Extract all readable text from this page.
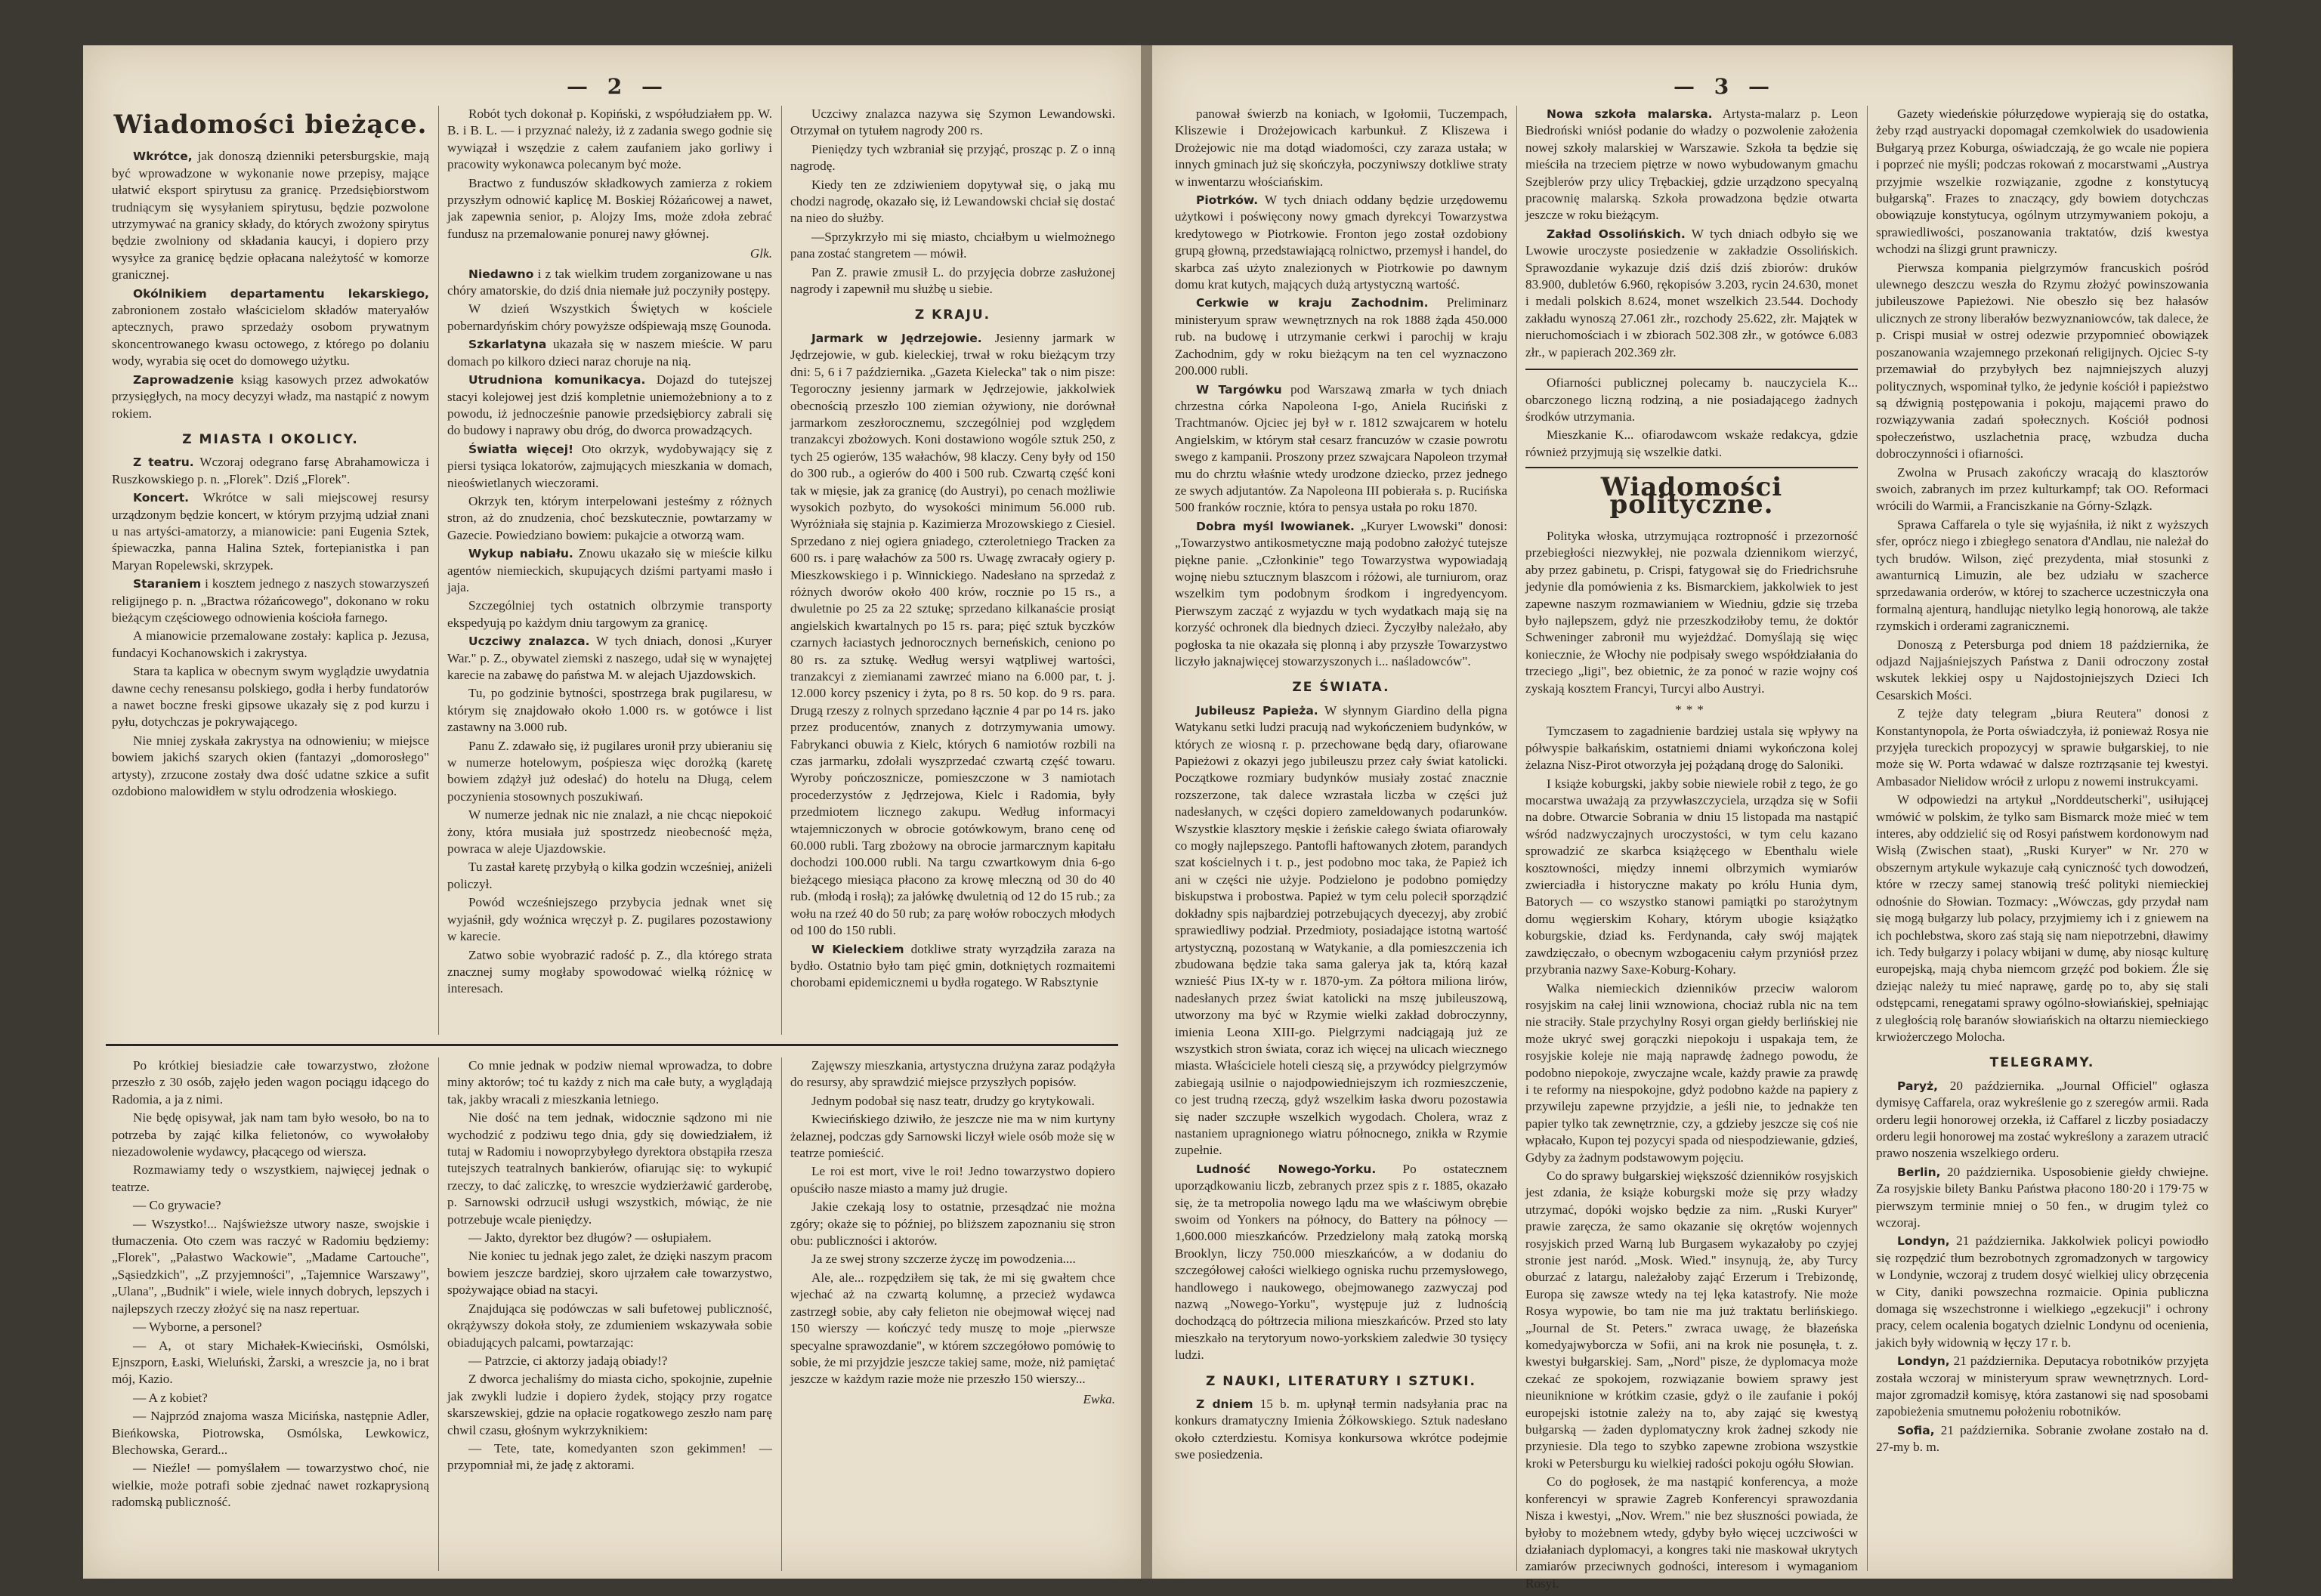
— 2 —
Wiadomości bieżące.

Wkrótce, jak donoszą dzienniki petersburgskie, mają być wprowadzone w wykonanie nowe przepisy, mające ułatwić eksport spirytusu za granicę. Przedsiębiorstwom trudniącym się wysyłaniem spirytusu, będzie pozwolone utrzymywać na granicy składy, do których zwożony spirytus będzie zwolniony od składania kaucyi, i dopiero przy wysyłce za granicę będzie opłacana należytość w komorze granicznej.

Okólnikiem departamentu lekarskiego, zabronionem zostało właścicielom składów materyałów aptecznych, prawo sprzedaży osobom prywatnym skoncentrowanego kwasu octowego, z którego po dolaniu wody, wyrabia się ocet do domowego użytku.

Zaprowadzenie ksiąg kasowych przez adwokatów przysięgłych, na mocy decyzyi władz, ma nastąpić z nowym rokiem.

Z MIASTA I OKOLICY.

Z teatru. Wczoraj odegrano farsę Abrahamowicza i Ruszkowskiego p. n. „Florek". Dziś „Florek".

Koncert. Wkrótce w sali miejscowej resursy urządzonym będzie koncert, w którym przyjmą udział znani u nas artyści-amatorzy, a mianowicie: pani Eugenia Sztek, śpiewaczka, panna Halina Sztek, fortepianistka i pan Maryan Ropelewski, skrzypek.

Staraniem i kosztem jednego z naszych stowarzyszeń religijnego p. n. „Bractwa różańcowego", dokonano w roku bieżącym częściowego odnowienia kościoła farnego.

A mianowicie przemalowane zostały: kaplica p. Jezusa, fundacyi Kochanowskich i zakrystya.

Stara ta kaplica w obecnym swym wyglądzie uwydatnia dawne cechy renesansu polskiego, godła i herby fundatorów a nawet boczne freski gipsowe ukazały się z pod kurzu i pyłu, dotychczas je pokrywającego.

Nie mniej zyskała zakrystya na odnowieniu; w miejsce bowiem jakichś szarych okien (fantazyi „domorosłego" artysty), zrzucone zostały dwa dość udatne szkice a sufit ozdobiono malowidłem w stylu odrodzenia włoskiego.

Robót tych dokonał p. Kopiński, z współudziałem pp. W. B. i B. L. — i przyznać należy, iż z zadania swego godnie się wywiązał i wszędzie z całem zaufaniem jako gorliwy i pracowity wykonawca polecanym być może.

Bractwo z funduszów składkowych zamierza z rokiem przyszłym odnowić kaplicę M. Boskiej Różańcowej a nawet, jak zapewnia senior, p. Alojzy Ims, może zdoła zebrać fundusz na przemalowanie ponurej nawy głównej.

Glk.

Niedawno i z tak wielkim trudem zorganizowane u nas chóry amatorskie, do dziś dnia niemałe już poczyniły postępy.

W dzień Wszystkich Świętych w kościele pobernardyńskim chóry powyższe odśpiewają mszę Gounoda.

Szkarlatyna ukazała się w naszem mieście. W paru domach po kilkoro dzieci naraz choruje na nią.

Utrudniona komunikacya. Dojazd do tutejszej stacyi kolejowej jest dziś kompletnie uniemożebniony a to z powodu, iż jednocześnie panowie przedsiębiorcy zabrali się do budowy i naprawy obu dróg, do dworca prowadzących.

Światła więcej! Oto okrzyk, wydobywający się z piersi tysiąca lokatorów, zajmujących mieszkania w domach, nieoświetlanych wieczorami.

Okrzyk ten, którym interpelowani jesteśmy z różnych stron, aż do znudzenia, choć bezskutecznie, powtarzamy w Gazecie. Powiedziano bowiem: pukajcie a otworzą wam.

Wykup nabiału. Znowu ukazało się w mieście kilku agentów niemieckich, skupujących dziśmi partyami masło i jaja.

Szczególniej tych ostatnich olbrzymie transporty ekspedyują po każdym dniu targowym za granicę.

Uczciwy znalazca. W tych dniach, donosi „Kuryer War." p. Z., obywatel ziemski z naszego, udał się w wynajętej karecie na zabawę do państwa M. w alejach Ujazdowskich.

Tu, po godzinie bytności, spostrzega brak pugilaresu, w którym się znajdowało około 1.000 rs. w gotówce i list zastawny na 3.000 rub.

Panu Z. zdawało się, iż pugilares uronił przy ubieraniu się w numerze hotelowym, pośpiesza więc dorożką (karetę bowiem zdążył już odesłać) do hotelu na Długą, celem poczynienia stosownych poszukiwań.

W numerze jednak nic nie znalazł, a nie chcąc niepokoić żony, która musiała już spostrzedz nieobecność męża, powraca w aleje Ujazdowskie.

Tu zastał karetę przybyłą o kilka godzin wcześniej, aniżeli policzył.

Powód wcześniejszego przybycia jednak wnet się wyjaśnił, gdy woźnica wręczył p. Z. pugilares pozostawiony w karecie.

Zatwo sobie wyobrazić radość p. Z., dla którego strata znacznej sumy mogłaby spowodować wielką różnicę w interesach.

Uczciwy znalazca nazywa się Szymon Lewandowski. Otrzymał on tytułem nagrody 200 rs.

Pieniędzy tych wzbraniał się przyjąć, prosząc p. Z o inną nagrodę.

Kiedy ten ze zdziwieniem dopytywał się, o jaką mu chodzi nagrodę, okazało się, iż Lewandowski chciał się dostać na nieo do służby.

—Sprzykrzyło mi się miasto, chciałbym u wielmożnego pana zostać stangretem — mówił.

Pan Z. prawie zmusił L. do przyjęcia dobrze zasłużonej nagrody i zapewnił mu służbę u siebie.

Z KRAJU.

Jarmark w Jędrzejowie. Jesienny jarmark w Jędrzejowie, w gub. kieleckiej, trwał w roku bieżącym trzy dni: 5, 6 i 7 października. „Gazeta Kielecka" tak o nim pisze: Tegoroczny jesienny jarmark w Jędrzejowie, jakkolwiek obecnością przeszło 100 ziemian ożywiony, nie dorównał jarmarkom zeszłorocznemu, szczególniej pod względem tranzakcyi zbożowych. Koni dostawiono wogóle sztuk 250, z tych 25 ogierów, 135 wałachów, 98 klaczy. Ceny były od 150 do 300 rub., a ogierów do 400 i 500 rub. Czwartą część koni tak w mięsie, jak za granicę (do Austryi), po cenach możliwie wysokich pozbyto, do wysokości minimum 56.000 rub. Wyróżniała się stajnia p. Kazimierza Mrozowskiego z Ciesiel. Sprzedano z niej ogiera gniadego, czteroletniego Tracken za 600 rs. i parę wałachów za 500 rs. Uwagę zwracały ogiery p. Mieszkowskiego i p. Winnickiego. Nadesłano na sprzedaż z różnych dworów około 400 krów, rocznie po 15 rs., a dwuletnie po 25 za 22 sztukę; sprzedano kilkanaście prosiąt angielskich kwartalnych po 15 rs. para; pięć sztuk byczków czarnych łaciastych jednorocznych berneńskich, ceniono po 80 rs. za sztukę. Według wersyi wątpliwej wartości, tranzakcyi z ziemianami zawrzeć miano na 6.000 par, t. j. 12.000 korcy pszenicy i żyta, po 8 rs. 50 kop. do 9 rs. para. Drugą rzeszy z rolnych sprzedano łącznie 4 par po 14 rs. jako przez producentów, znanych z dotrzymywania umowy. Fabrykanci obuwia z Kielc, których 6 namiotów rozbili na czas jarmarku, zdołali wyszprzedać czwartą część towaru. Wyroby pończosznicze, pomieszczone w 3 namiotach procederzystów z Jędrzejowa, Kielc i Radomia, były przedmiotem licznego zakupu. Według informacyi wtajemniczonych w obrocie gotówkowym, brano cenę od 60.000 rubli. Targ zbożowy na obrocie jarmarcznym kapitału dochodzi 100.000 rubli. Na targu czwartkowym dnia 6-go bieżącego miesiąca płacono za krowę mleczną od 30 do 40 rub. (młodą i rosłą); za jałówkę dwuletnią od 12 do 15 rub.; za wołu na rzeź 40 do 50 rub; za parę wołów roboczych młodych od 100 do 150 rubli.

W Kieleckiem dotkliwe straty wyrządziła zaraza na bydło. Ostatnio było tam pięć gmin, dotkniętych rozmaitemi chorobami epidemicznemi u bydła rogatego. W Rabsztynie

Po krótkiej biesiadzie całe towarzystwo, złożone przeszło z 30 osób, zajęło jeden wagon pociągu idącego do Radomia, a ja z nimi.

Nie będę opisywał, jak nam tam było wesoło, bo na to potrzeba by zająć kilka felietonów, co wywołałoby niezadowolenie wydawcy, płacącego od wiersza.

Rozmawiamy tedy o wszystkiem, najwięcej jednak o teatrze.

— Co grywacie?

— Wszystko!... Najświeższe utwory nasze, swojskie i tłumaczenia. Oto czem was raczyć w Radomiu będziemy: „Florek", „Pałastwo Wackowie", „Madame Cartouche", „Sąsiedzkich", „Z przyjemności", „Tajemnice Warszawy", „Ulana", „Budnik" i wiele, wiele innych dobrych, lepszych i najlepszych rzeczy złożyć się na nasz repertuar.

— Wyborne, a personel?

— A, ot stary Michałek-Kwieciński, Osmólski, Ejnszporn, Łaski, Wieluński, Żarski, a wreszcie ja, no i brat mój, Kazio.

— A z kobiet?

— Najprzód znajoma wasza Micińska, następnie Adler, Bieńkowska, Piotrowska, Osmólska, Lewkowicz, Blechowska, Gerard...

— Nieźle! — pomyślałem — towarzystwo choć, nie wielkie, może potrafi sobie zjednać nawet rozkaprysioną radomską publiczność.

Co mnie jednak w podziw niemal wprowadza, to dobre miny aktorów; toć tu każdy z nich ma całe buty, a wyglądają tak, jakby wracali z mieszkania letniego.

Nie dość na tem jednak, widocznie sądzono mi nie wychodzić z podziwu tego dnia, gdy się dowiedziałem, iż tutaj w Radomiu i nowoprzybyłego dyrektora obstąpiła rzesza tutejszych teatralnych bankierów, ofiarując się: to wykupić rzeczy, to dać zaliczkę, to wreszcie wydzierżawić garderobę, p. Sarnowski odrzucił usługi wszystkich, mówiąc, że nie potrzebuje wcale pieniędzy.

— Jakto, dyrektor bez długów? — osłupiałem.

Nie koniec tu jednak jego zalet, że dzięki naszym pracom bowiem jeszcze bardziej, skoro ujrzałem całe towarzystwo, spożywające obiad na stacyi.

Znajdująca się podówczas w sali bufetowej publiczność, okrążywszy dokoła stoły, ze zdumieniem wskazywała sobie obiadujących palcami, powtarzając:

— Patrzcie, ci aktorzy jadają obiady!?

Z dworca jechaliśmy do miasta cicho, spokojnie, zupełnie jak zwykli ludzie i dopiero żydek, stojący przy rogatce skarszewskiej, gdzie na opłacie rogatkowego zeszło nam parę chwil czasu, głośnym wykrzyknikiem:

— Tete, tate, komedyanten szon gekimmen! — przypomniał mi, że jadę z aktorami.

Zajęwszy mieszkania, artystyczna drużyna zaraz podążyła do resursy, aby sprawdzić miejsce przyszłych popisów.

Jednym podobał się nasz teatr, drudzy go krytykowali.

Kwiecińskiego dziwiło, że jeszcze nie ma w nim kurtyny żelaznej, podczas gdy Sarnowski liczył wiele osób może się w teatrze pomieścić.

Le roi est mort, vive le roi! Jedno towarzystwo dopiero opuściło nasze miasto a mamy już drugie.

Jakie czekają losy to ostatnie, przesądzać nie można zgóry; okaże się to później, po bliższem zapoznaniu się stron obu: publiczności i aktorów.

Ja ze swej strony szczerze życzę im powodzenia....

Ale, ale... rozpędziłem się tak, że mi się gwałtem chce wjechać aż na czwartą kolumnę, a przecież wydawca zastrzegł sobie, aby cały felieton nie obejmował więcej nad 150 wierszy — kończyć tedy muszę to moje „pierwsze specyalne sprawozdanie", w którem szczegółowo pomówię to sobie, że mi przyjdzie jeszcze takiej same, może, niż pamiętać jeszcze w każdym razie może nie przeszło 150 wierszy...

Ewka.
— 3 —

panował świerzb na koniach, w Igołomii, Tuczempach, Kliszewie i Drożejowicach karbunkuł. Z Kliszewa i Drożejowic nie ma dotąd wiadomości, czy zaraza ustała; w innych gminach już się skończyła, poczyniwszy dotkliwe straty w inwentarzu włościańskim.

Piotrków. W tych dniach oddany będzie urzędowemu użytkowi i poświęcony nowy gmach dyrekcyi Towarzystwa kredytowego w Piotrkowie. Fronton jego został ozdobiony grupą głowną, przedstawiającą rolnictwo, przemysł i handel, do skarbca zaś użyto znalezionych w Piotrkowie po dawnym domu krat kutych, mających dużą artystyczną wartość.

Cerkwie w kraju Zachodnim. Preliminarz ministeryum spraw wewnętrznych na rok 1888 żąda 450.000 rub. na budowę i utrzymanie cerkwi i parochij w kraju Zachodnim, gdy w roku bieżącym na ten cel wyznaczono 200.000 rubli.

W Targówku pod Warszawą zmarła w tych dniach chrzestna córka Napoleona I-go, Aniela Ruciński z Trachtmanów. Ojciec jej był w r. 1812 szwajcarem w hotelu Angielskim, w którym stał cesarz francuzów w czasie powrotu swego z kampanii. Proszony przez szwajcara Napoleon trzymał mu do chrztu właśnie wtedy urodzone dziecko, przez jednego ze swych adjutantów. Za Napoleona III pobierała s. p. Rucińska 500 franków rocznie, która to pensya ustała po roku 1870.

Dobra myśl lwowianek. „Kuryer Lwowski" donosi: „Towarzystwo antikosmetyczne mają podobno założyć tutejsze piękne panie. „Członkinie" tego Towarzystwa wypowiadają wojnę niebu sztucznym blaszcom i różowi, ale turniurom, oraz wszelkim tym podobnym środkom i ingredyencyom. Pierwszym zacząć z wyjazdu w tych wydatkach mają się na korzyść ochronek dla biednych dzieci. Życzyłby należało, aby pogłoska ta nie okazała się plonną i aby przyszłe Towarzystwo liczyło jaknajwięcej stowarzyszonych i... naśladowców".

ZE ŚWIATA.

Jubileusz Papieża. W słynnym Giardino della pigna Watykanu setki ludzi pracują nad wykończeniem budynków, w których ze wiosną r. p. przechowane będą dary, ofiarowane Papieżowi z okazyi jego jubileuszu przez cały świat katolicki. Początkowe rozmiary budynków musiały zostać znacznie rozszerzone, tak dalece wzrastała liczba w części już nadesłanych, w części dopiero zameldowanych podarunków. Wszystkie klasztory męskie i żeńskie całego świata ofiarowały co mogły najlepszego. Pantofli haftowanych złotem, parandych szat kościelnych i t. p., jest podobno moc taka, że Papież ich ani w części nie użyje. Podzielono je podobno pomiędzy biskupstwa i probostwa. Papież w tym celu polecił sporządzić dokładny spis najbardziej potrzebujących dyecezyj, aby zrobić sprawiedliwy podział. Przedmioty, posiadające istotną wartość artystyczną, pozostaną w Watykanie, a dla pomieszczenia ich zbudowana będzie taka sama galerya jak ta, którą kazał wznieść Pius IX-ty w r. 1870-ym. Za półtora miliona lirów, nadesłanych przez świat katolicki na mszę jubileuszową, utworzony ma być w Rzymie wielki zakład dobroczynny, imienia Leona XIII-go. Pielgrzymi nadciągają już ze wszystkich stron świata, coraz ich więcej na ulicach wiecznego miasta. Właściciele hoteli cieszą się, a przywódcy pielgrzymów zabiegają usilnie o najodpowiedniejszym ich rozmieszczenie, co jest trudną rzeczą, gdyż wszelkim łaska dworu pozostawia się nader szczupłe wszelkich wygodach. Cholera, wraz z nastaniem upragnionego wiatru północnego, znikła w Rzymie zupełnie.

Ludność Nowego-Yorku. Po ostatecznem uporządkowaniu liczb, zebranych przez spis z r. 1885, okazało się, że ta metropolia nowego lądu ma we właściwym obrębie swoim od Yonkers na północy, do Battery na północy — 1,600.000 mieszkańców. Przedzielony małą zatoką morską Brooklyn, liczy 750.000 mieszkańców, a w dodaniu do szczegółowej całości wielkiego ogniska ruchu przemysłowego, handlowego i naukowego, obejmowanego zazwyczaj pod nazwą „Nowego-Yorku", występuje już z ludnością dochodzącą do półtrzecia miliona mieszkańców. Przed sto laty mieszkało na terytoryum nowo-yorkskiem zaledwie 30 tysięcy ludzi.

Z NAUKI, LITERATURY I SZTUKI.

Z dniem 15 b. m. upłynął termin nadsyłania prac na konkurs dramatyczny Imienia Żółkowskiego. Sztuk nadesłano około czterdziestu. Komisya konkursowa wkrótce podejmie swe posiedzenia.

Nowa szkoła malarska. Artysta-malarz p. Leon Biedroński wniósł podanie do władzy o pozwolenie założenia nowej szkoły malarskiej w Warszawie. Szkoła ta będzie się mieściła na trzeciem piętrze w nowo wybudowanym gmachu Szejblerów przy ulicy Trębackiej, gdzie urządzono specyalną pracownię malarską. Szkoła prowadzona będzie otwarta jeszcze w roku bieżącym.

Zakład Ossolińskich. W tych dniach odbyło się we Lwowie uroczyste posiedzenie w zakładzie Ossolińskich. Sprawozdanie wykazuje dziś dziś dziś zbiorów: druków 83.900, dubletów 6.960, rękopisów 3.203, rycin 24.630, monet i medali polskich 8.624, monet wszelkich 23.544. Dochody zakładu wynoszą 27.061 złr., rozchody 25.622, złr. Majątek w nieruchomościach i w zbiorach 502.308 złr., w gotówce 6.083 złr., w papierach 202.369 złr.

Ofiarności publicznej polecamy b. nauczyciela K... obarczonego liczną rodziną, a nie posiadającego żadnych środków utrzymania.

Mieszkanie K... ofiarodawcom wskaże redakcya, gdzie również przyjmują się wszelkie datki.

Wiadomości polityczne.

Polityka włoska, utrzymująca roztropność i przezorność przebiegłości niezwykłej, nie pozwala dziennikom wierzyć, aby przez gabinetu, p. Crispi, fatygował się do Friedrichsruhe jedynie dla pomówienia z ks. Bismarckiem, jakkolwiek to jest zapewne naszym rozmawianiem w Wiedniu, gdzie się trzeba było najlepszem, gdyż nie przeszkodziłoby temu, że doktór Schweninger zabronił mu wyjeżdżać. Domyślają się więc koniecznie, że Włochy nie podpisały swego współdziałania do trzeciego „ligi", bez obietnic, że za ponoć w razie wojny coś zyskają kosztem Francyi, Turcyi albo Austryi.

***

Tymczasem to zagadnienie bardziej ustala się wpływy na półwyspie bałkańskim, ostatniemi dniami wykończona kolej żelazna Nisz-Pirot otworzyła jej pożądaną drogę do Saloniki.

I książe koburgski, jakby sobie niewiele robił z tego, że go mocarstwa uważają za przywłaszczyciela, urządza się w Sofii na dobre. Otwarcie Sobrania w dniu 15 listopada ma nastąpić wśród nadzwyczajnych uroczystości, w tym celu kazano sprowadzić ze skarbca książęcego w Ebenthalu wiele kosztowności, między innemi olbrzymich wymiarów zwierciadła i historyczne makaty po królu Hunia dym, Batorych — co wszystko stanowi pamiątki po starożytnym domu węgierskim Kohary, którym ubogie książątko koburgskie, dziad ks. Ferdynanda, cały swój majątek zawdzięczało, o obecnym wzbogaceniu całym przyniósł przez przybrania nazwy Saxe-Koburg-Kohary.

Walka niemieckich dzienników przeciw walorom rosyjskim na całej linii wznowiona, chociaż rubla nic na tem nie straciły. Stale przychylny Rosyi organ giełdy berlińskiej nie może ukryć swej gorączki niepokoju i uspakaja tem, że rosyjskie koleje nie mają naprawdę żadnego powodu, że podobno niepokoje, zwyczajne wcale, każdy prawie za prawdę i te reformy na niespokojne, gdyż podobno każde na papiery z przywileju zapewne przyjdzie, a jeśli nie, to jednakże ten papier tylko tak zewnętrznie, czy, a gdzieby jeszcze się coś nie wpłacało, Kupon tej pozycyi spada od niespodziewanie, gdzieś, Gdyby za żadnym podstawowym pojęciu.

Co do sprawy bułgarskiej większość dzienników rosyjskich jest zdania, że książe koburgski może się przy władzy utrzymać, dopóki wojsko będzie za nim. „Ruski Kuryer" prawie zaręcza, że samo okazanie się okrętów wojennych rosyjskich przed Warną lub Burgasem wykazałoby po czyjej stronie jest naród. „Mosk. Wied." insynują, że, aby Turcy oburzać z latargu, należałoby zająć Erzerum i Trebizondę, Europa się zawsze wtedy na tej lęka katastrofy. Nie może Rosya wypowie, bo tam nie ma już traktatu berlińskiego. „Journal de St. Peters." zwraca uwagę, że błazeńska komedyajwyborcza w Sofii, ani na krok nie posunęła, t. z. kwestyi bułgarskiej. Sam, „Nord" pisze, że dyplomacya może czekać ze spokojem, rozwiązanie bowiem sprawy jest nieuniknione w krótkim czasie, gdyż o ile zaufanie i pokój europejski istotnie zależy na to, aby zająć się kwestyą bułgarską — żaden dyplomatyczny krok żadnej szkody nie przyniesie. Dla tego to szybko zapewne zrobiona wszystkie kroki w Petersburgu ku wielkiej radości pokoju ogółu Słowian.

Co do pogłosek, że ma nastąpić konferencya, a może konferencyi w sprawie Zagreb Konferencyi sprawozdania Nisza i kwestyi, „Nov. Wrem." nie bez słuszności powiada, że byłoby to możebnem wtedy, gdyby było więcej uczciwości w działaniach dyplomacyi, a kongres taki nie maskował ukrytych zamiarów przeciwnych godności, interesom i wymaganiom Rosyi.

Gazety wiedeńskie półurzędowe wypierają się do ostatka, żeby rząd austryacki dopomagał czemkolwiek do usadowienia Bułgaryą przez Koburga, oświadczają, że go wcale nie popiera i poprzeć nie myśli; podczas rokowań z mocarstwami „Austrya przyjmie wszelkie rozwiązanie, zgodne z konstytucyą bułgarską". Frazes to znaczący, gdy bowiem dotychczas obowiązuje konstytucya, ogólnym utrzymywaniem pokoju, a sprawiedliwości, poszanowania traktatów, dziś kwestya wchodzi na ślizgi grunt prawniczy.

Pierwsza kompania pielgrzymów francuskich pośród ulewnego deszczu weszła do Rzymu złożyć powinszowania jubileuszowe Papieżowi. Nie obeszło się bez hałasów ulicznych ze strony liberałów bezwyznaniowców, tak dalece, że p. Crispi musiał w ostrej odezwie przypomnieć obowiązek poszanowania wzajemnego przekonań religijnych. Ojciec S-ty przemawiał do przybyłych bez najmniejszych aluzyj politycznych, wspominał tylko, że jedynie kościół i papieżstwo są dźwignią postępowania i pokoju, mającemi prawo do rozwiązywania zadań społecznych. Kościół podnosi społeczeństwo, uszlachetnia pracę, wzbudza ducha dobroczynności i ofiarności.

Zwolna w Prusach zakończy wracają do klasztorów swoich, zabranych im przez kulturkampf; tak OO. Reformaci wrócili do Warmii, a Franciszkanie na Górny-Szlązk.

Sprawa Caffarela o tyle się wyjaśniła, iż nikt z wyższych sfer, oprócz niego i zbiegłego senatora d'Andlau, nie należał do tych brudów. Wilson, zięć prezydenta, miał stosunki z awanturnicą Limuzin, ale bez udziału w szacherce sprzedawania orderów, w której to szacherce uczestniczyła ona formalną ajenturą, handlując nietylko legią honorową, ale także rzymskich i orderami zagranicznemi.

Donoszą z Petersburga pod dniem 18 października, że odjazd Najjaśniejszych Państwa z Danii odroczony został wskutek lekkiej ospy u Najdostojniejszych Dzieci Ich Cesarskich Mości.

Z tejże daty telegram „biura Reutera" donosi z Konstantynopola, że Porta oświadczyła, iż ponieważ Rosya nie przyjęła tureckich propozycyj w sprawie bułgarskiej, to nie może się W. Porta wdawać w dalsze roztrząsanie tej kwestyi. Ambasador Nielidow wrócił z urlopu z nowemi instrukcyami.

W odpowiedzi na artykuł „Norddeutscherki", usiłującej wmówić w polskim, że tylko sam Bismarck może mieć w tem interes, aby oddzielić się od Rosyi państwem kordonowym nad Wisłą (Zwischen staat), „Ruski Kuryer" w Nr. 270 w obszernym artykule wykazuje całą cyniczność tych dowodzeń, które w rzeczy samej stanowią treść polityki niemieckiej odnośnie do Słowian. Tozmacy: „Wówczas, gdy przydał nam się mogą bułgarzy lub polacy, przyjmiemy ich i z gniewem na ich pochlebstwa, skoro zaś stają się nam niepotrzebni, dławimy ich. Tedy bułgarzy i polacy wbijani w dumę, aby niosąc kulturę europejską, mają chyba niemcom grzęźć pod bokiem. Źle się dziejąc należy tu mieć naprawę, gardę po to, aby się stali odstępcami, renegatami sprawy ogólno-słowiańskiej, spełniając z uległością rolę baranów słowiańskich na ołtarzu niemieckiego krwiożerczego Molocha.

TELEGRAMY.

Paryż, 20 października. „Journal Officiel" ogłasza dymisyę Caffarela, oraz wykreślenie go z szeregów armii. Rada orderu legii honorowej orzekła, iż Caffarel z liczby posiadaczy orderu legii honorowej ma zostać wykreślony a zarazem utracić prawo noszenia wszelkiego orderu.

Berlin, 20 października. Usposobienie giełdy chwiejne. Za rosyjskie bilety Banku Państwa płacono 180·20 i 179·75 w pierwszym terminie mniej o 50 fen., w drugim tyleż co wczoraj.

Londyn, 21 października. Jakkolwiek policyi powiodło się rozpędzić tłum bezrobotnych zgromadzonych w targowicy w Londynie, wczoraj z trudem dosyć wielkiej ulicy obrzęcenia w City, daniki powszechna rozmaicie. Opinia publiczna domaga się wszechstronne i wielkiego „egzekucji" i ochrony pracy, celem ocalenia bogatych dzielnic Londynu od ocenienia, jakich były widownią w łęczy 17 r. b.

Londyn, 21 października. Deputacya robotników przyjęta została wczoraj w ministeryum spraw wewnętrznych. Lord-major zgromadził komisyę, która zastanowi się nad sposobami zapobieżenia smutnemu położeniu robotników.

Sofia, 21 października. Sobranie zwołane zostało na d. 27-my b. m.
